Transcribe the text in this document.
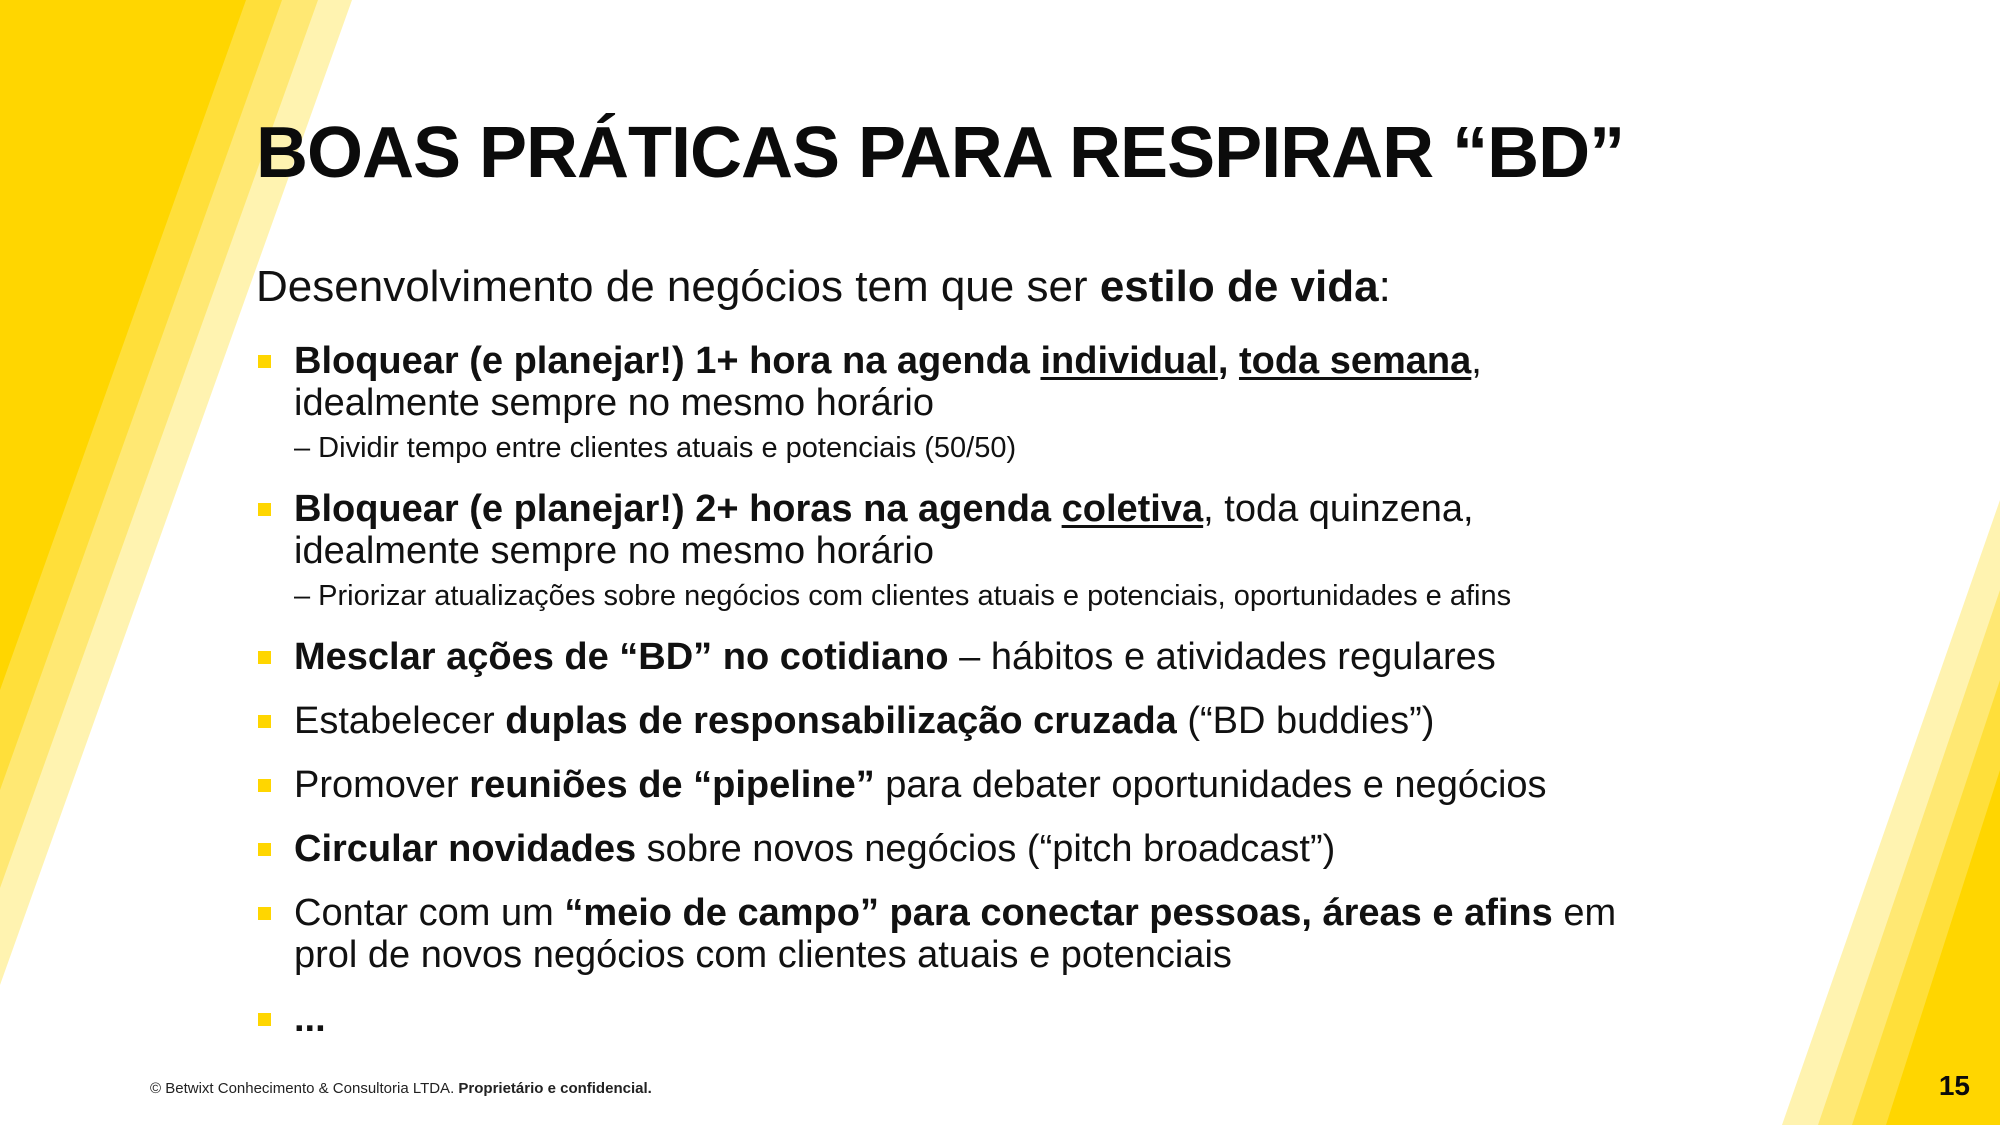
BOAS PRÁTICAS PARA RESPIRAR “BD”

Desenvolvimento de negócios tem que ser estilo de vida:

Bloquear (e planejar!) 1+ hora na agenda individual, toda semana,
idealmente sempre no mesmo horário
– Dividir tempo entre clientes atuais e potenciais (50/50)
Bloquear (e planejar!) 2+ horas na agenda coletiva, toda quinzena,
idealmente sempre no mesmo horário
– Priorizar atualizações sobre negócios com clientes atuais e potenciais, oportunidades e afins
Mesclar ações de “BD” no cotidiano – hábitos e atividades regulares
Estabelecer duplas de responsabilização cruzada (“BD buddies”)
Promover reuniões de “pipeline” para debater oportunidades e negócios
Circular novidades sobre novos negócios (“pitch broadcast”)
Contar com um “meio de campo” para conectar pessoas, áreas e afins em
prol de novos negócios com clientes atuais e potenciais
...
© Betwixt Conhecimento & Consultoria LTDA. Proprietário e confidencial.	15
